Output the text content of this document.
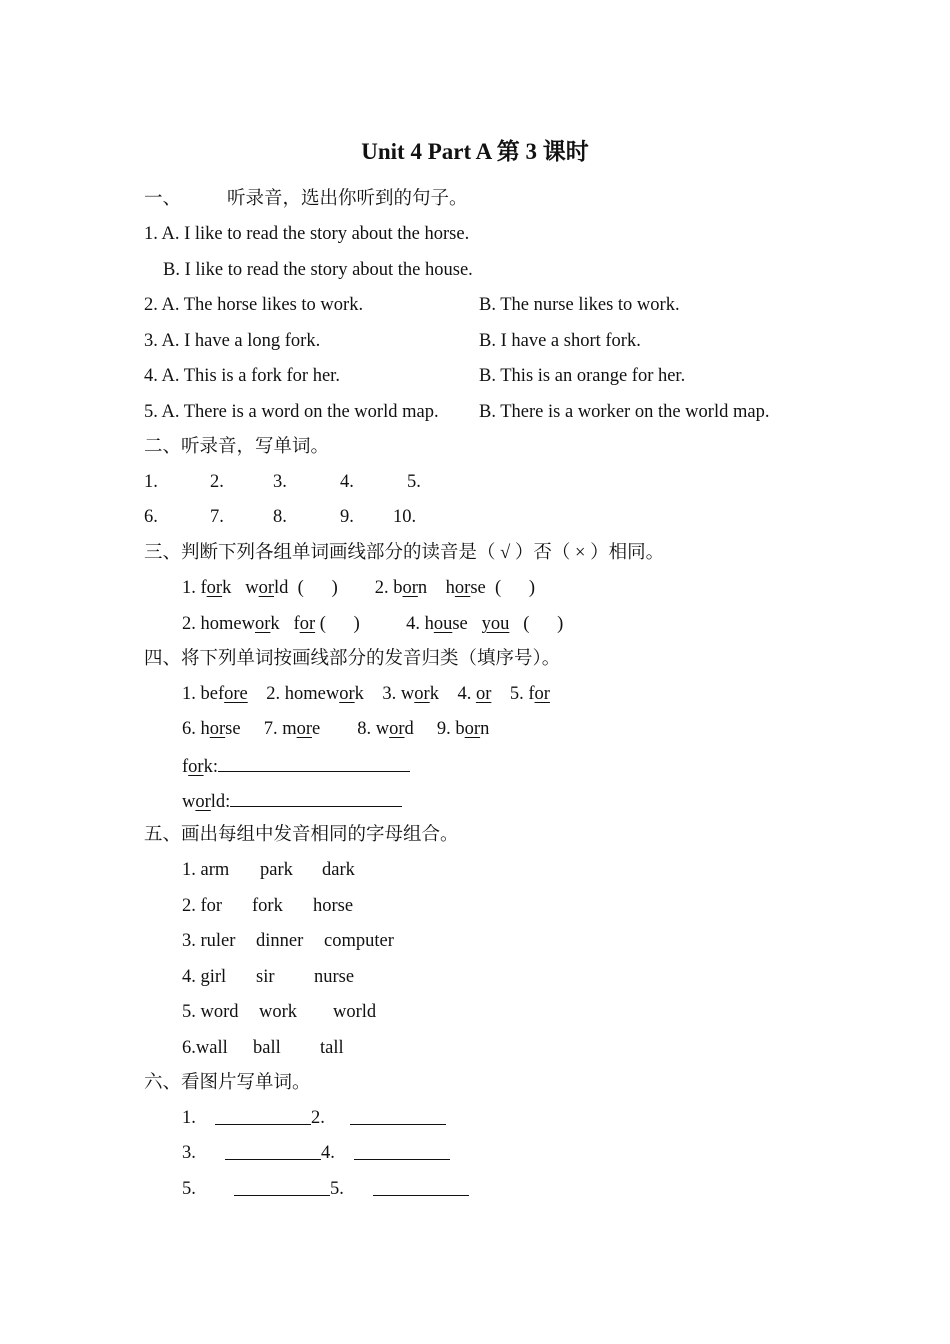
Unit 4 Part A 第 3 课时
一、 听录音，选出你听到的句子。
1. A. I like to read the story about the horse.
B. I like to read the story about the house.
2. A. The horse likes to work.	B. The nurse likes to work.
3. A. I have a long fork.	B. I have a short fork.
4. A. This is a fork for her.	B. This is an orange for her.
5. A. There is a word on the world map. B. There is a worker on the world map.
二、听录音，写单词。
1.	2.	3.	4.	5.
6.	7.	8.	9. 10.
三、判断下列各组单词画线部分的读音是（ √ ）否（ × ）相同。
1. fork world (      ) 2. born horse (      )
2. homework for (      )	4. house you (      )
四、将下列单词按画线部分的发音归类（填序号）。
1. before 2. homework 3. work 4. or 5. for
6. horse 7. more 8. word 9. born
fork:
world:
五、画出每组中发音相同的字母组合。
1. arm park dark
2. for fork horse
3. ruler dinner computer
4. girl sir nurse
5. word work world
6.wall ball tall
六、看图片写单词。
1.	2.
3.	4.
5.	5.
